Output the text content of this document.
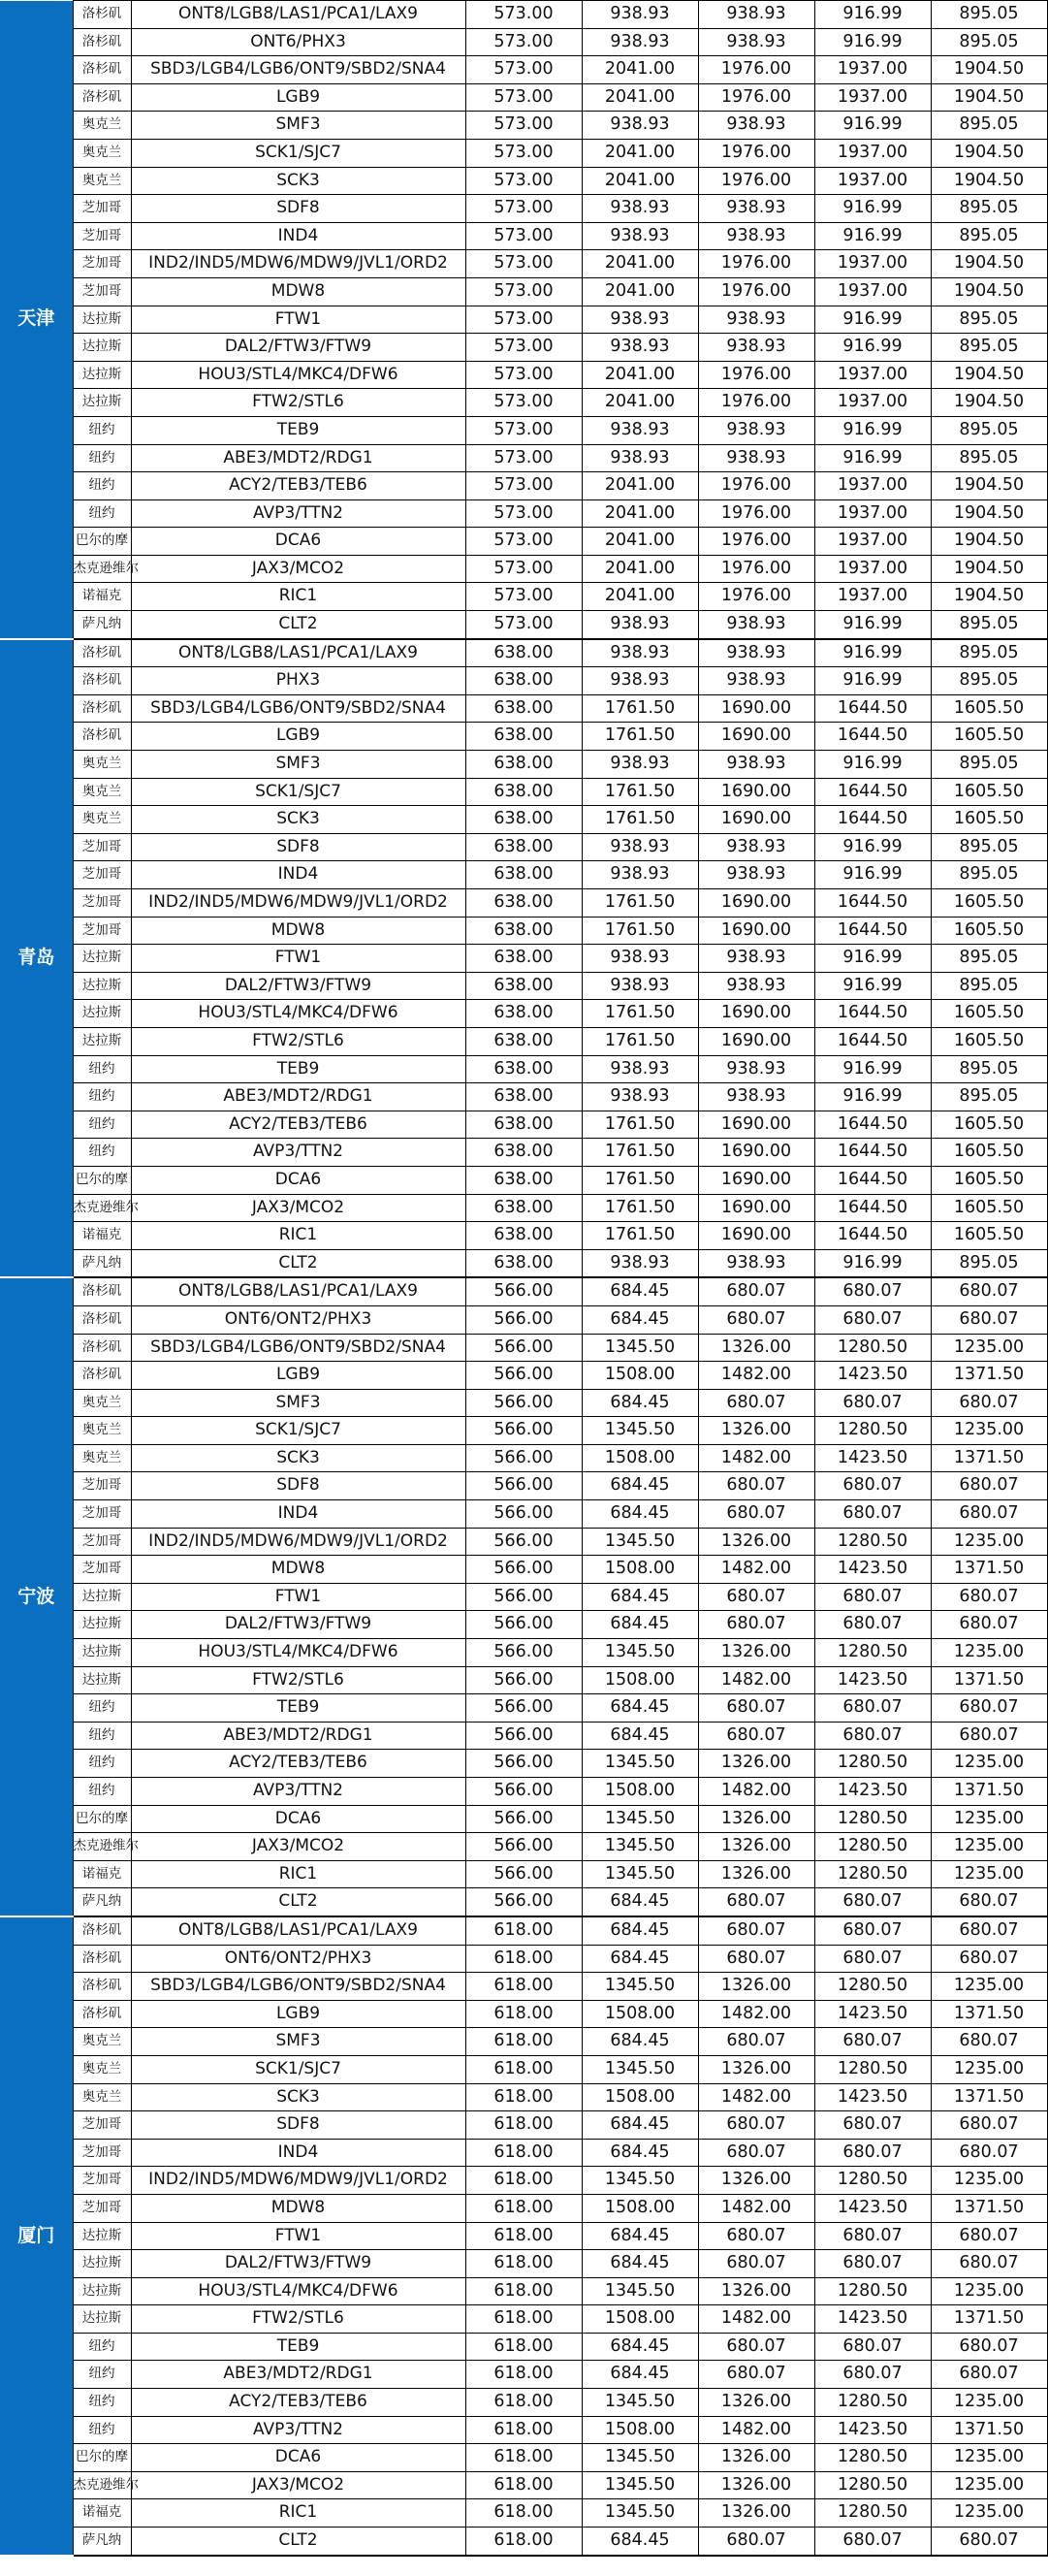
天津	洛杉矶	ONT8/LGB8/LAS1/PCA1/LAX9	573.00	938.93	938.93	916.99	895.05
	洛杉矶	ONT6/PHX3	573.00	938.93	938.93	916.99	895.05
	洛杉矶	SBD3/LGB4/LGB6/ONT9/SBD2/SNA4	573.00	2041.00	1976.00	1937.00	1904.50
	洛杉矶	LGB9	573.00	2041.00	1976.00	1937.00	1904.50
	奥克兰	SMF3	573.00	938.93	938.93	916.99	895.05
	奥克兰	SCK1/SJC7	573.00	2041.00	1976.00	1937.00	1904.50
	奥克兰	SCK3	573.00	2041.00	1976.00	1937.00	1904.50
	芝加哥	SDF8	573.00	938.93	938.93	916.99	895.05
	芝加哥	IND4	573.00	938.93	938.93	916.99	895.05
	芝加哥	IND2/IND5/MDW6/MDW9/JVL1/ORD2	573.00	2041.00	1976.00	1937.00	1904.50
	芝加哥	MDW8	573.00	2041.00	1976.00	1937.00	1904.50
	达拉斯	FTW1	573.00	938.93	938.93	916.99	895.05
	达拉斯	DAL2/FTW3/FTW9	573.00	938.93	938.93	916.99	895.05
	达拉斯	HOU3/STL4/MKC4/DFW6	573.00	2041.00	1976.00	1937.00	1904.50
	达拉斯	FTW2/STL6	573.00	2041.00	1976.00	1937.00	1904.50
	纽约	TEB9	573.00	938.93	938.93	916.99	895.05
	纽约	ABE3/MDT2/RDG1	573.00	938.93	938.93	916.99	895.05
	纽约	ACY2/TEB3/TEB6	573.00	2041.00	1976.00	1937.00	1904.50
	纽约	AVP3/TTN2	573.00	2041.00	1976.00	1937.00	1904.50
	巴尔的摩	DCA6	573.00	2041.00	1976.00	1937.00	1904.50
	杰克逊维尔	JAX3/MCO2	573.00	2041.00	1976.00	1937.00	1904.50
	诺福克	RIC1	573.00	2041.00	1976.00	1937.00	1904.50
	萨凡纳	CLT2	573.00	938.93	938.93	916.99	895.05
青岛	洛杉矶	ONT8/LGB8/LAS1/PCA1/LAX9	638.00	938.93	938.93	916.99	895.05
	洛杉矶	PHX3	638.00	938.93	938.93	916.99	895.05
	洛杉矶	SBD3/LGB4/LGB6/ONT9/SBD2/SNA4	638.00	1761.50	1690.00	1644.50	1605.50
	洛杉矶	LGB9	638.00	1761.50	1690.00	1644.50	1605.50
	奥克兰	SMF3	638.00	938.93	938.93	916.99	895.05
	奥克兰	SCK1/SJC7	638.00	1761.50	1690.00	1644.50	1605.50
	奥克兰	SCK3	638.00	1761.50	1690.00	1644.50	1605.50
	芝加哥	SDF8	638.00	938.93	938.93	916.99	895.05
	芝加哥	IND4	638.00	938.93	938.93	916.99	895.05
	芝加哥	IND2/IND5/MDW6/MDW9/JVL1/ORD2	638.00	1761.50	1690.00	1644.50	1605.50
	芝加哥	MDW8	638.00	1761.50	1690.00	1644.50	1605.50
	达拉斯	FTW1	638.00	938.93	938.93	916.99	895.05
	达拉斯	DAL2/FTW3/FTW9	638.00	938.93	938.93	916.99	895.05
	达拉斯	HOU3/STL4/MKC4/DFW6	638.00	1761.50	1690.00	1644.50	1605.50
	达拉斯	FTW2/STL6	638.00	1761.50	1690.00	1644.50	1605.50
	纽约	TEB9	638.00	938.93	938.93	916.99	895.05
	纽约	ABE3/MDT2/RDG1	638.00	938.93	938.93	916.99	895.05
	纽约	ACY2/TEB3/TEB6	638.00	1761.50	1690.00	1644.50	1605.50
	纽约	AVP3/TTN2	638.00	1761.50	1690.00	1644.50	1605.50
	巴尔的摩	DCA6	638.00	1761.50	1690.00	1644.50	1605.50
	杰克逊维尔	JAX3/MCO2	638.00	1761.50	1690.00	1644.50	1605.50
	诺福克	RIC1	638.00	1761.50	1690.00	1644.50	1605.50
	萨凡纳	CLT2	638.00	938.93	938.93	916.99	895.05
宁波	洛杉矶	ONT8/LGB8/LAS1/PCA1/LAX9	566.00	684.45	680.07	680.07	680.07
	洛杉矶	ONT6/ONT2/PHX3	566.00	684.45	680.07	680.07	680.07
	洛杉矶	SBD3/LGB4/LGB6/ONT9/SBD2/SNA4	566.00	1345.50	1326.00	1280.50	1235.00
	洛杉矶	LGB9	566.00	1508.00	1482.00	1423.50	1371.50
	奥克兰	SMF3	566.00	684.45	680.07	680.07	680.07
	奥克兰	SCK1/SJC7	566.00	1345.50	1326.00	1280.50	1235.00
	奥克兰	SCK3	566.00	1508.00	1482.00	1423.50	1371.50
	芝加哥	SDF8	566.00	684.45	680.07	680.07	680.07
	芝加哥	IND4	566.00	684.45	680.07	680.07	680.07
	芝加哥	IND2/IND5/MDW6/MDW9/JVL1/ORD2	566.00	1345.50	1326.00	1280.50	1235.00
	芝加哥	MDW8	566.00	1508.00	1482.00	1423.50	1371.50
	达拉斯	FTW1	566.00	684.45	680.07	680.07	680.07
	达拉斯	DAL2/FTW3/FTW9	566.00	684.45	680.07	680.07	680.07
	达拉斯	HOU3/STL4/MKC4/DFW6	566.00	1345.50	1326.00	1280.50	1235.00
	达拉斯	FTW2/STL6	566.00	1508.00	1482.00	1423.50	1371.50
	纽约	TEB9	566.00	684.45	680.07	680.07	680.07
	纽约	ABE3/MDT2/RDG1	566.00	684.45	680.07	680.07	680.07
	纽约	ACY2/TEB3/TEB6	566.00	1345.50	1326.00	1280.50	1235.00
	纽约	AVP3/TTN2	566.00	1508.00	1482.00	1423.50	1371.50
	巴尔的摩	DCA6	566.00	1345.50	1326.00	1280.50	1235.00
	杰克逊维尔	JAX3/MCO2	566.00	1345.50	1326.00	1280.50	1235.00
	诺福克	RIC1	566.00	1345.50	1326.00	1280.50	1235.00
	萨凡纳	CLT2	566.00	684.45	680.07	680.07	680.07
厦门	洛杉矶	ONT8/LGB8/LAS1/PCA1/LAX9	618.00	684.45	680.07	680.07	680.07
	洛杉矶	ONT6/ONT2/PHX3	618.00	684.45	680.07	680.07	680.07
	洛杉矶	SBD3/LGB4/LGB6/ONT9/SBD2/SNA4	618.00	1345.50	1326.00	1280.50	1235.00
	洛杉矶	LGB9	618.00	1508.00	1482.00	1423.50	1371.50
	奥克兰	SMF3	618.00	684.45	680.07	680.07	680.07
	奥克兰	SCK1/SJC7	618.00	1345.50	1326.00	1280.50	1235.00
	奥克兰	SCK3	618.00	1508.00	1482.00	1423.50	1371.50
	芝加哥	SDF8	618.00	684.45	680.07	680.07	680.07
	芝加哥	IND4	618.00	684.45	680.07	680.07	680.07
	芝加哥	IND2/IND5/MDW6/MDW9/JVL1/ORD2	618.00	1345.50	1326.00	1280.50	1235.00
	芝加哥	MDW8	618.00	1508.00	1482.00	1423.50	1371.50
	达拉斯	FTW1	618.00	684.45	680.07	680.07	680.07
	达拉斯	DAL2/FTW3/FTW9	618.00	684.45	680.07	680.07	680.07
	达拉斯	HOU3/STL4/MKC4/DFW6	618.00	1345.50	1326.00	1280.50	1235.00
	达拉斯	FTW2/STL6	618.00	1508.00	1482.00	1423.50	1371.50
	纽约	TEB9	618.00	684.45	680.07	680.07	680.07
	纽约	ABE3/MDT2/RDG1	618.00	684.45	680.07	680.07	680.07
	纽约	ACY2/TEB3/TEB6	618.00	1345.50	1326.00	1280.50	1235.00
	纽约	AVP3/TTN2	618.00	1508.00	1482.00	1423.50	1371.50
	巴尔的摩	DCA6	618.00	1345.50	1326.00	1280.50	1235.00
	杰克逊维尔	JAX3/MCO2	618.00	1345.50	1326.00	1280.50	1235.00
	诺福克	RIC1	618.00	1345.50	1326.00	1280.50	1235.00
	萨凡纳	CLT2	618.00	684.45	680.07	680.07	680.07
